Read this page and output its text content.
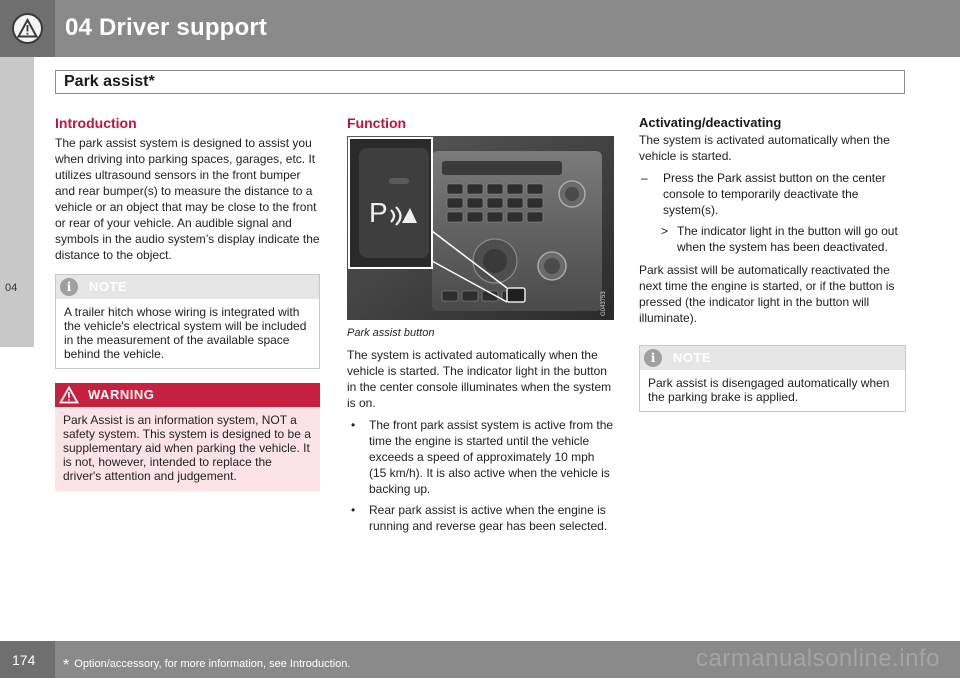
04 Driver support
Park assist*
04
Introduction

The park assist system is designed to assist you when driving into parking spaces, garages, etc. It utilizes ultrasound sensors in the front bumper and rear bumper(s) to measure the distance to a vehicle or an object that may be close to the front or rear of your vehicle. An audible signal and symbols in the audio system’s display indicate the distance to the object.

i	NOTE
A trailer hitch whose wiring is integrated with the vehicle's electrical system will be included in the measurement of the available space behind the vehicle.
WARNING
Park Assist is an information system, NOT a safety system. This system is designed to be a supplementary aid when parking the vehicle. It is not, however, intended to replace the driver's attention and judgement.
Function
P
G043753
Park assist button

The system is activated automatically when the vehicle is started. The indicator light in the button in the center console illuminates when the system is on.

• The front park assist system is active from the time the engine is started until the vehicle exceeds a speed of approximately 10 mph (15 km/h). It is also active when the vehicle is backing up.
• Rear park assist is active when the engine is running and reverse gear has been selected.
Activating/deactivating

The system is activated automatically when the vehicle is started.

– Press the Park assist button on the center console to temporarily deactivate the system(s).
> The indicator light in the button will go out when the system has been deactivated.

Park assist will be automatically reactivated the next time the engine is started, or if the button is pressed (the indicator light in the button will illuminate).

i	NOTE
Park assist is disengaged automatically when the parking brake is applied.
174 * Option/accessory, for more information, see Introduction.	carmanualsonline.info
